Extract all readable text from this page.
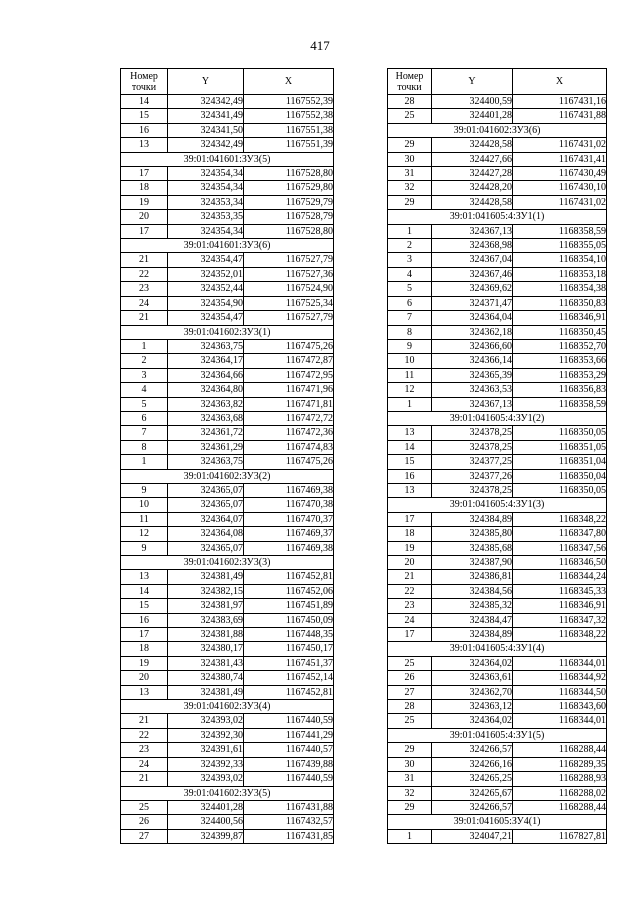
417
Номер точки	Y	X
14	324342,49	1167552,39
15	324341,49	1167552,38
16	324341,50	1167551,38
13	324342,49	1167551,39
39:01:041601:ЗУ3(5)		
17	324354,34	1167528,80
18	324354,34	1167529,80
19	324353,34	1167529,79
20	324353,35	1167528,79
17	324354,34	1167528,80
39:01:041601:ЗУ3(6)		
21	324354,47	1167527,79
22	324352,01	1167527,36
23	324352,44	1167524,90
24	324354,90	1167525,34
21	324354,47	1167527,79
39:01:041602:ЗУ3(1)		
1	324363,75	1167475,26
2	324364,17	1167472,87
3	324364,66	1167472,95
4	324364,80	1167471,96
5	324363,82	1167471,81
6	324363,68	1167472,72
7	324361,72	1167472,36
8	324361,29	1167474,83
1	324363,75	1167475,26
39:01:041602:ЗУ3(2)		
9	324365,07	1167469,38
10	324365,07	1167470,38
11	324364,07	1167470,37
12	324364,08	1167469,37
9	324365,07	1167469,38
39:01:041602:ЗУ3(3)		
13	324381,49	1167452,81
14	324382,15	1167452,06
15	324381,97	1167451,89
16	324383,69	1167450,09
17	324381,88	1167448,35
18	324380,17	1167450,17
19	324381,43	1167451,37
20	324380,74	1167452,14
13	324381,49	1167452,81
39:01:041602:ЗУ3(4)		
21	324393,02	1167440,59
22	324392,30	1167441,29
23	324391,61	1167440,57
24	324392,33	1167439,88
21	324393,02	1167440,59
39:01:041602:ЗУ3(5)		
25	324401,28	1167431,88
26	324400,56	1167432,57
27	324399,87	1167431,85
Номер точки	Y	X
28	324400,59	1167431,16
25	324401,28	1167431,88
39:01:041602:ЗУ3(6)		
29	324428,58	1167431,02
30	324427,66	1167431,41
31	324427,28	1167430,49
32	324428,20	1167430,10
29	324428,58	1167431,02
39:01:041605:4:ЗУ1(1)		
1	324367,13	1168358,59
2	324368,98	1168355,05
3	324367,04	1168354,10
4	324367,46	1168353,18
5	324369,62	1168354,38
6	324371,47	1168350,83
7	324364,04	1168346,91
8	324362,18	1168350,45
9	324366,60	1168352,70
10	324366,14	1168353,66
11	324365,39	1168353,29
12	324363,53	1168356,83
1	324367,13	1168358,59
39:01:041605:4:ЗУ1(2)		
13	324378,25	1168350,05
14	324378,25	1168351,05
15	324377,25	1168351,04
16	324377,26	1168350,04
13	324378,25	1168350,05
39:01:041605:4:ЗУ1(3)		
17	324384,89	1168348,22
18	324385,80	1168347,80
19	324385,68	1168347,56
20	324387,90	1168346,50
21	324386,81	1168344,24
22	324384,56	1168345,33
23	324385,32	1168346,91
24	324384,47	1168347,32
17	324384,89	1168348,22
39:01:041605:4:ЗУ1(4)		
25	324364,02	1168344,01
26	324363,61	1168344,92
27	324362,70	1168344,50
28	324363,12	1168343,60
25	324364,02	1168344,01
39:01:041605:4:ЗУ1(5)		
29	324266,57	1168288,44
30	324266,16	1168289,35
31	324265,25	1168288,93
32	324265,67	1168288,02
29	324266,57	1168288,44
39:01:041605:ЗУ4(1)		
1	324047,21	1167827,81
